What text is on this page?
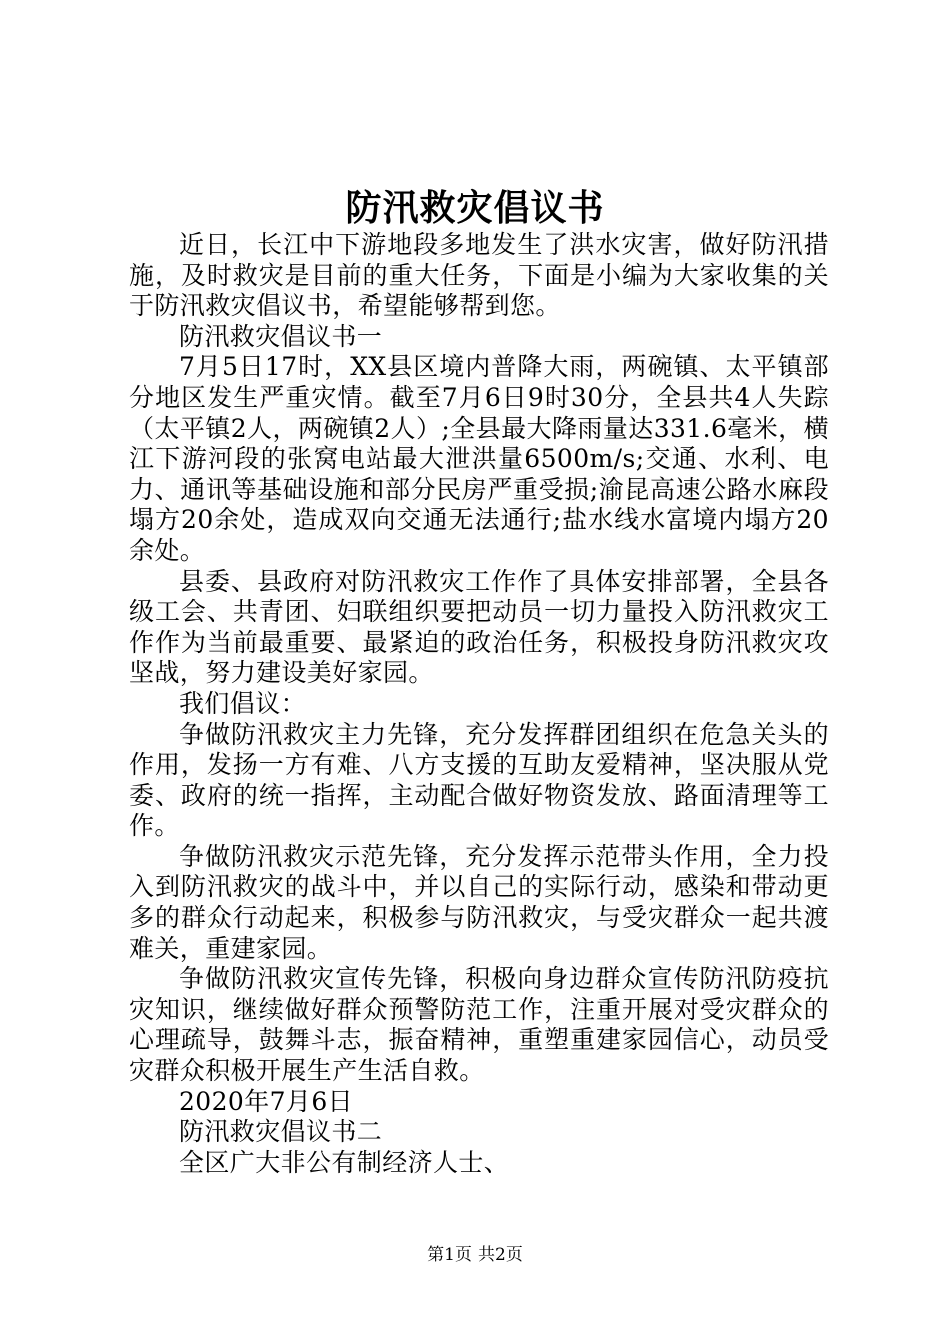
防汛救灾倡议书

近日，长江中下游地段多地发生了洪水灾害，做好防汛措施，及时救灾是目前的重大任务，下面是小编为大家收集的关于防汛救灾倡议书，希望能够帮到您。

防汛救灾倡议书一

7月5日17时，XX县区境内普降大雨，两碗镇、太平镇部分地区发生严重灾情。截至7月6日9时30分，全县共4人失踪（太平镇2人，两碗镇2人）;全县最大降雨量达331.6毫米，横江下游河段的张窝电站最大泄洪量6500m/s;交通、水利、电力、通讯等基础设施和部分民房严重受损;渝昆高速公路水麻段塌方20余处，造成双向交通无法通行;盐水线水富境内塌方20余处。

县委、县政府对防汛救灾工作作了具体安排部署，全县各级工会、共青团、妇联组织要把动员一切力量投入防汛救灾工作作为当前最重要、最紧迫的政治任务，积极投身防汛救灾攻坚战，努力建设美好家园。

我们倡议：

争做防汛救灾主力先锋，充分发挥群团组织在危急关头的作用，发扬一方有难、八方支援的互助友爱精神，坚决服从党委、政府的统一指挥，主动配合做好物资发放、路面清理等工作。

争做防汛救灾示范先锋，充分发挥示范带头作用，全力投入到防汛救灾的战斗中，并以自己的实际行动，感染和带动更多的群众行动起来，积极参与防汛救灾，与受灾群众一起共渡难关，重建家园。

争做防汛救灾宣传先锋，积极向身边群众宣传防汛防疫抗灾知识，继续做好群众预警防范工作，注重开展对受灾群众的心理疏导，鼓舞斗志，振奋精神，重塑重建家园信心，动员受灾群众积极开展生产生活自救。

2020年7月6日

防汛救灾倡议书二

全区广大非公有制经济人士、

第1页 共2页
